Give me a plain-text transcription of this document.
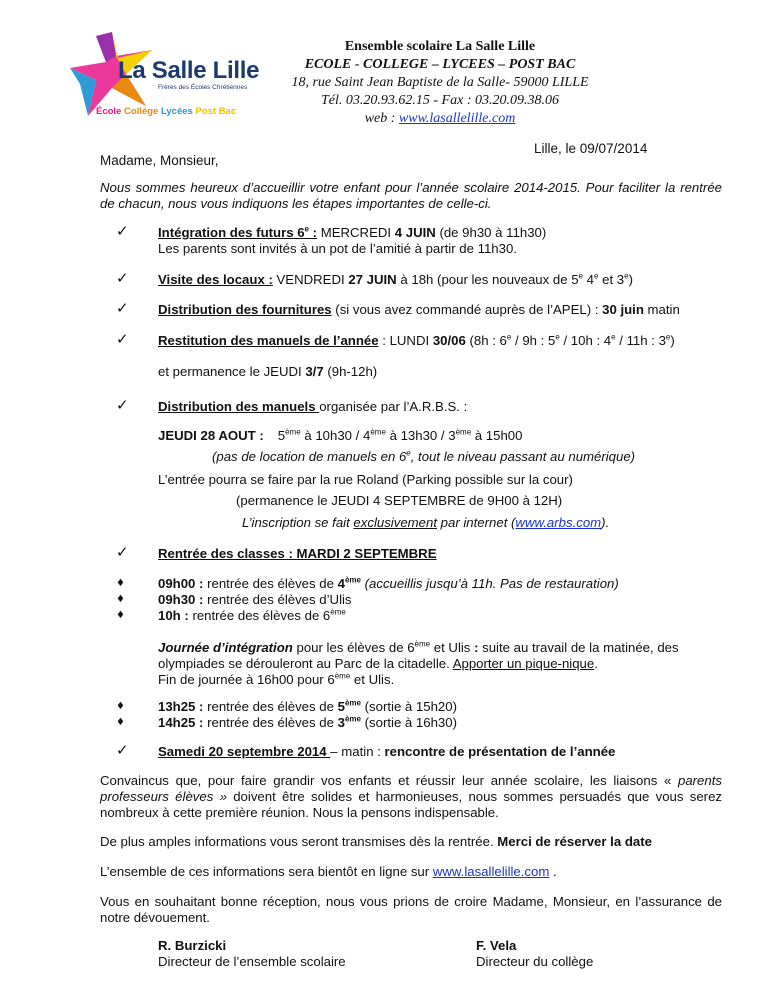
La Salle Lille
Frères des Écoles Chrétiennes
École Collège Lycées Post Bac
Ensemble scolaire La Salle Lille
ECOLE - COLLEGE – LYCEES – POST BAC
18, rue Saint Jean Baptiste de la Salle- 59000 LILLE
Tél. 03.20.93.62.15 - Fax : 03.20.09.38.06
web : www.lasallelille.com
Lille, le 09/07/2014
Madame, Monsieur,
Nous sommes heureux d’accueillir votre enfant pour l’année scolaire 2014-2015. Pour faciliter la rentrée de chacun, nous vous indiquons les étapes importantes de celle-ci.
✓ Intégration des futurs 6e : MERCREDI 4 JUIN (de 9h30 à 11h30)
Les parents sont invités à un pot de l’amitié à partir de 11h30.
✓ Visite des locaux : VENDREDI 27 JUIN à 18h (pour les nouveaux de 5e 4e et 3e)
✓ Distribution des fournitures (si vous avez commandé auprès de l’APEL) : 30 juin matin
✓ Restitution des manuels de l’année : LUNDI 30/06 (8h : 6e / 9h : 5e / 10h : 4e / 11h : 3e)
et permanence le JEUDI 3/7 (9h-12h)
✓ Distribution des manuels organisée par l’A.R.B.S. :
JEUDI 28 AOUT : 5ème à 10h30 / 4ème à 13h30 / 3ème à 15h00
(pas de location de manuels en 6e, tout le niveau passant au numérique)
L’entrée pourra se faire par la rue Roland (Parking possible sur la cour)
(permanence le JEUDI 4 SEPTEMBRE de 9H00 à 12H)
L’inscription se fait exclusivement par internet (www.arbs.com).
✓ Rentrée des classes : MARDI 2 SEPTEMBRE
♦	09h00 : rentrée des élèves de 4ème (accueillis jusqu’à 11h. Pas de restauration)
♦	09h30 : rentrée des élèves d’Ulis
♦	10h : rentrée des élèves de 6ème
Journée d’intégration pour les élèves de 6ème et Ulis : suite au travail de la matinée, des olympiades se dérouleront au Parc de la citadelle. Apporter un pique-nique.
Fin de journée à 16h00 pour 6ème et Ulis.
♦	13h25 : rentrée des élèves de 5ème (sortie à 15h20)
♦	14h25 : rentrée des élèves de 3ème (sortie à 16h30)
✓ Samedi 20 septembre 2014 – matin : rencontre de présentation de l’année
Convaincus que, pour faire grandir vos enfants et réussir leur année scolaire, les liaisons « parents professeurs élèves » doivent être solides et harmonieuses, nous sommes persuadés que vous serez nombreux à cette première réunion. Nous la pensons indispensable.
De plus amples informations vous seront transmises dès la rentrée. Merci de réserver la date
L’ensemble de ces informations sera bientôt en ligne sur www.lasallelille.com .
Vous en souhaitant bonne réception, nous vous prions de croire Madame, Monsieur, en l’assurance de notre dévouement.
R. Burzicki
Directeur de l’ensemble scolaire
F. Vela
Directeur du collège
